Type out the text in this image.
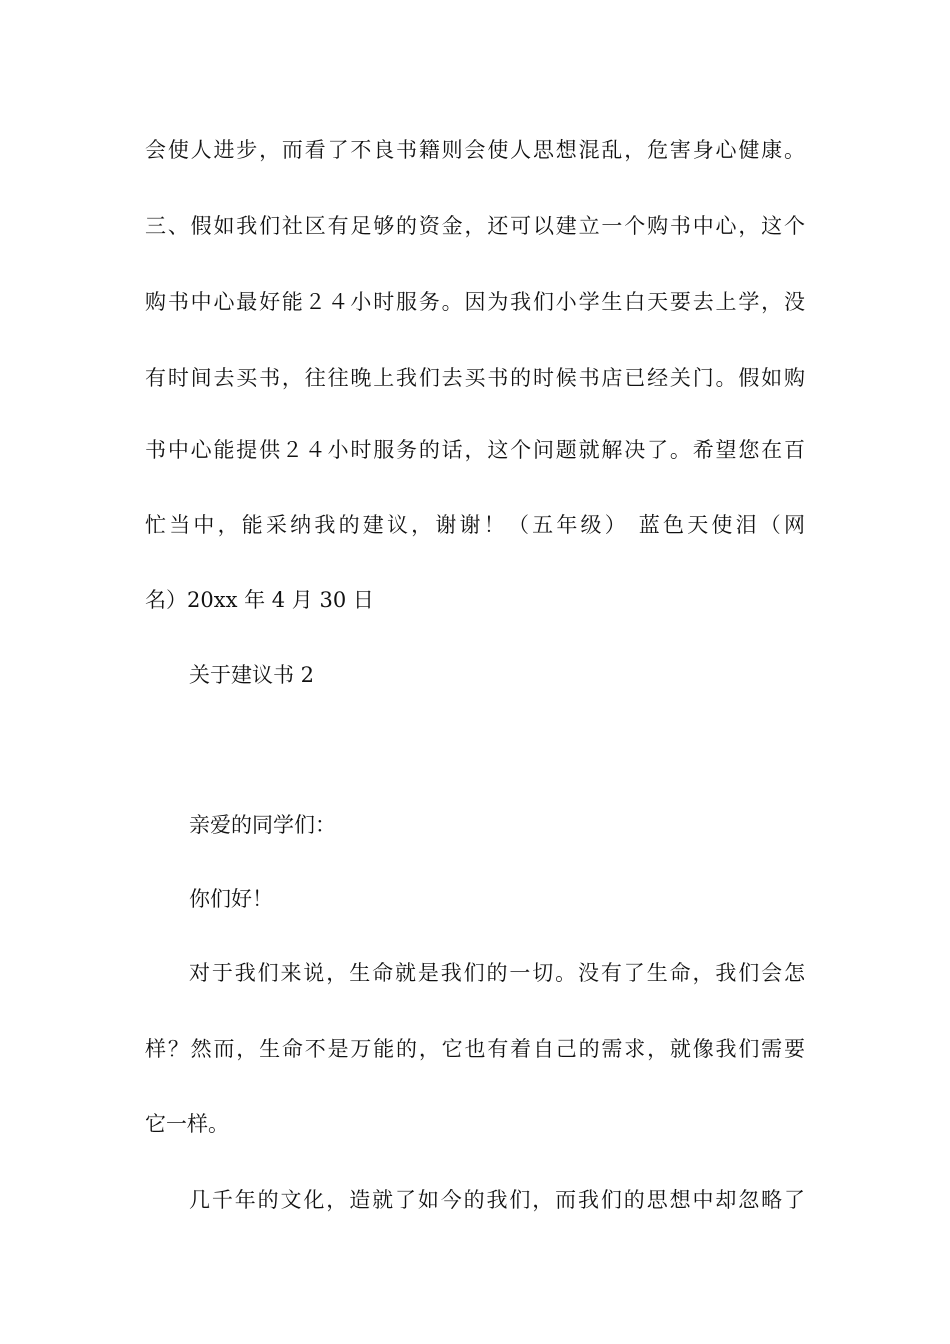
会使人进步，而看了不良书籍则会使人思想混乱，危害身心健康。
三、假如我们社区有足够的资金，还可以建立一个购书中心，这个
购书中心最好能２４小时服务。因为我们小学生白天要去上学，没
有时间去买书，往往晚上我们去买书的时候书店已经关门。假如购
书中心能提供２４小时服务的话，这个问题就解决了。希望您在百
忙当中，能采纳我的建议，谢谢！（五年级） 蓝色天使泪（网
名）20xx 年 4 月 30 日
关于建议书 2
亲爱的同学们：
你们好！
对于我们来说，生命就是我们的一切。没有了生命，我们会怎
样？然而，生命不是万能的，它也有着自己的需求，就像我们需要
它一样。
几千年的文化，造就了如今的我们，而我们的思想中却忽略了
